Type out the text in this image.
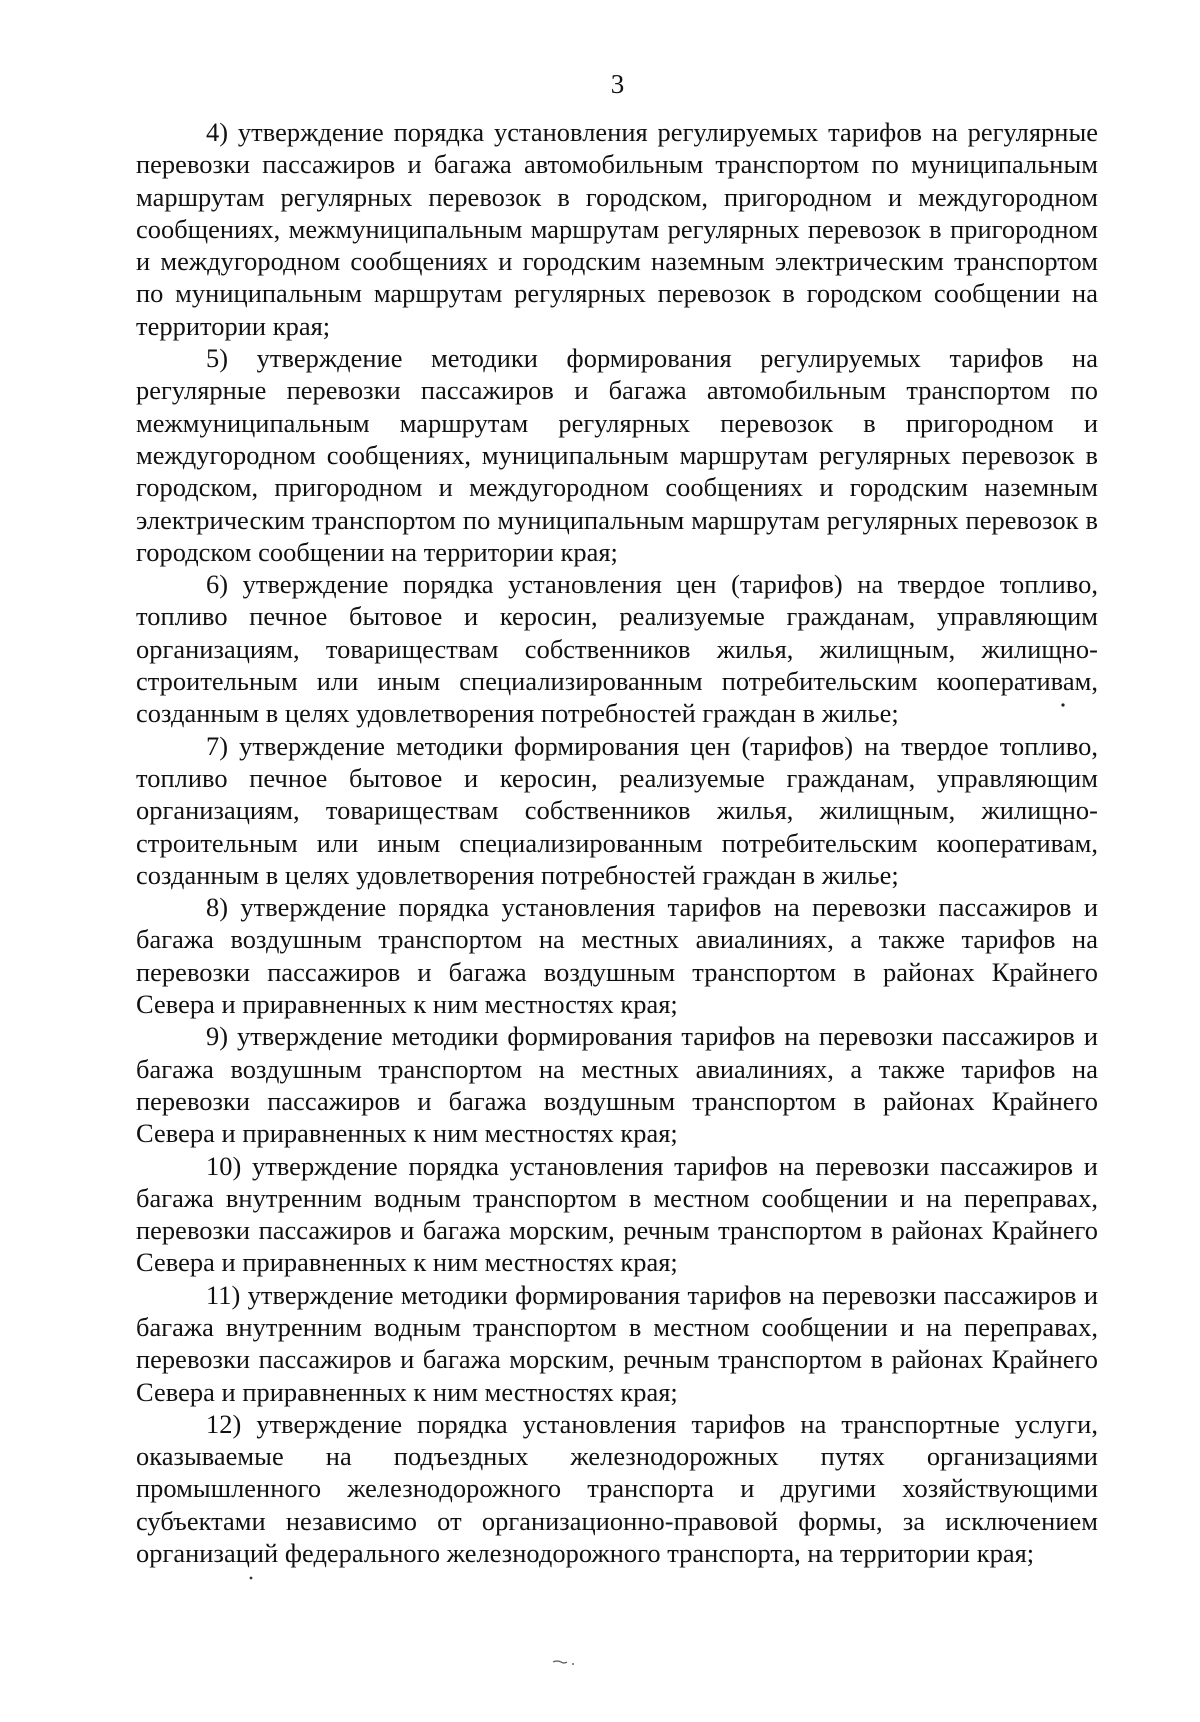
3

4) утверждение порядка установления регулируемых тарифов на регулярные перевозки пассажиров и багажа автомобильным транспортом по муниципальным маршрутам регулярных перевозок в городском, пригородном и междугородном сообщениях, межмуниципальным маршрутам регулярных перевозок в пригородном и междугородном сообщениях и городским наземным электрическим транспортом по муниципальным маршрутам регулярных перевозок в городском сообщении на территории края;

5) утверждение методики формирования регулируемых тарифов на регулярные перевозки пассажиров и багажа автомобильным транспортом по межмуниципальным маршрутам регулярных перевозок в пригородном и междугородном сообщениях, муниципальным маршрутам регулярных перевозок в городском, пригородном и междугородном сообщениях и городским наземным электрическим транспортом по муниципальным маршрутам регулярных перевозок в городском сообщении на территории края;

6) утверждение порядка установления цен (тарифов) на твердое топливо, топливо печное бытовое и керосин, реализуемые гражданам, управляющим организациям, товариществам собственников жилья, жилищным, жилищно-строительным или иным специализированным потребительским кооперативам, созданным в целях удовлетворения потребностей граждан в жилье;

7) утверждение методики формирования цен (тарифов) на твердое топливо, топливо печное бытовое и керосин, реализуемые гражданам, управляющим организациям, товариществам собственников жилья, жилищным, жилищно-строительным или иным специализированным потребительским кооперативам, созданным в целях удовлетворения потребностей граждан в жилье;

8) утверждение порядка установления тарифов на перевозки пассажиров и багажа воздушным транспортом на местных авиалиниях, а также тарифов на перевозки пассажиров и багажа воздушным транспортом в районах Крайнего Севера и приравненных к ним местностях края;

9) утверждение методики формирования тарифов на перевозки пассажиров и багажа воздушным транспортом на местных авиалиниях, а также тарифов на перевозки пассажиров и багажа воздушным транспортом в районах Крайнего Севера и приравненных к ним местностях края;

10) утверждение порядка установления тарифов на перевозки пассажиров и багажа внутренним водным транспортом в местном сообщении и на переправах, перевозки пассажиров и багажа морским, речным транспортом в районах Крайнего Севера и приравненных к ним местностях края;

11) утверждение методики формирования тарифов на перевозки пассажиров и багажа внутренним водным транспортом в местном сообщении и на переправах, перевозки пассажиров и багажа морским, речным транспортом в районах Крайнего Севера и приравненных к ним местностях края;

12) утверждение порядка установления тарифов на транспортные услуги, оказываемые на подъездных железнодорожных путях организациями промышленного железнодорожного транспорта и другими хозяйствующими субъектами независимо от организационно-правовой формы, за исключением организаций федерального железнодорожного транспорта, на территории края;
